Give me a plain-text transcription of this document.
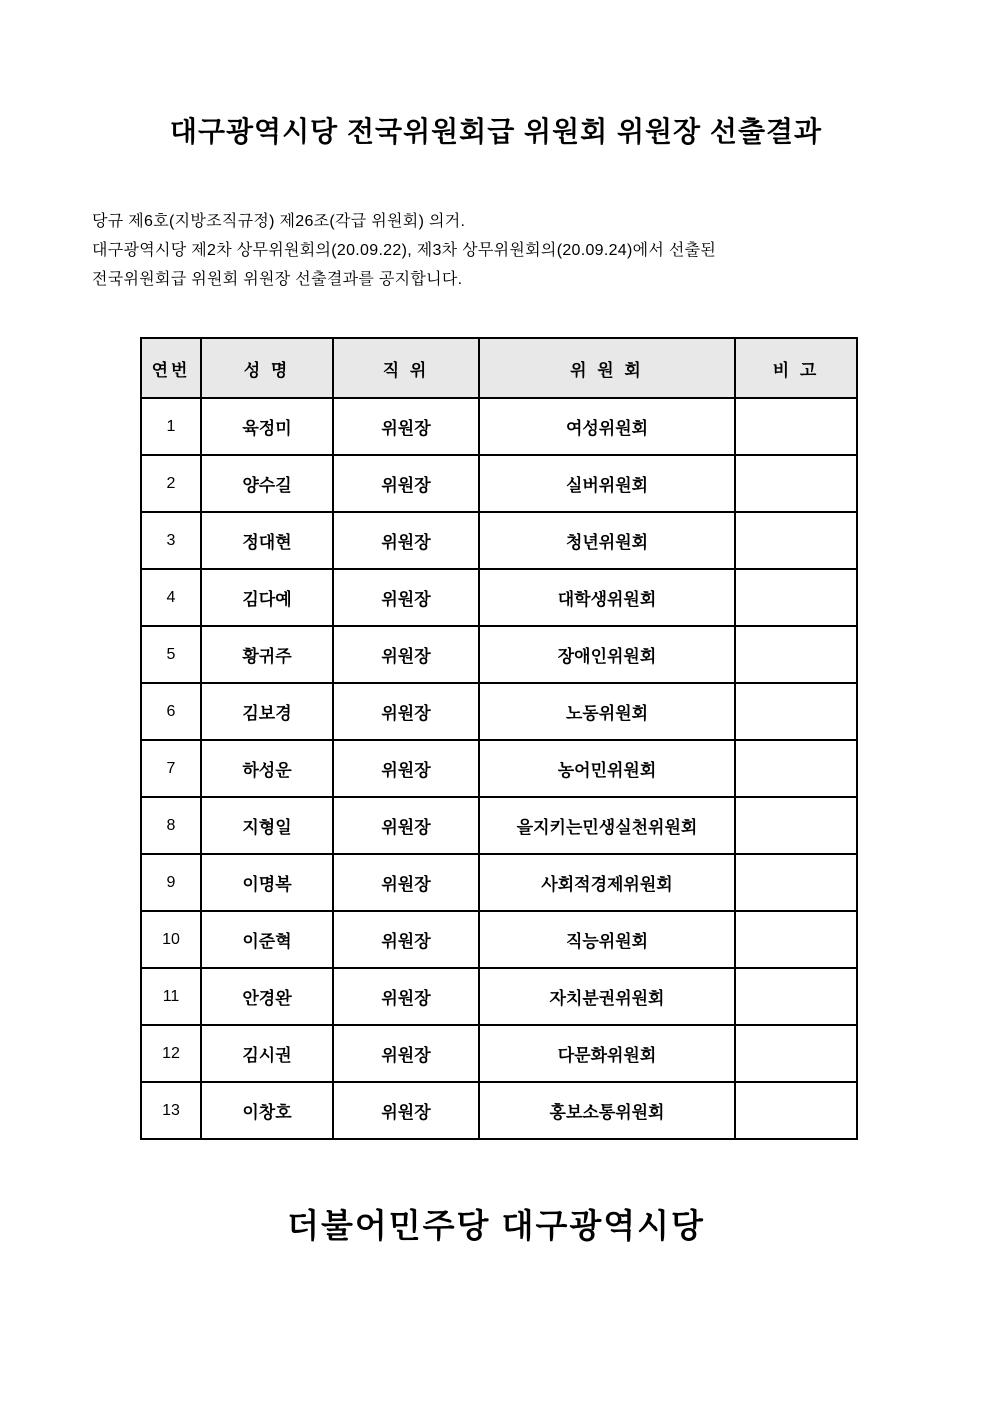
대구광역시당 전국위원회급 위원회 위원장 선출결과
당규 제6호(지방조직규정) 제26조(각급 위원회) 의거.
대구광역시당 제2차 상무위원회의(20.09.22), 제3차 상무위원회의(20.09.24)에서 선출된
전국위원회급 위원회 위원장 선출결과를 공지합니다.
연번	성 명	직 위	위 원 회	비 고
1	육정미	위원장	여성위원회	
2	양수길	위원장	실버위원회	
3	정대현	위원장	청년위원회	
4	김다예	위원장	대학생위원회	
5	황귀주	위원장	장애인위원회	
6	김보경	위원장	노동위원회	
7	하성운	위원장	농어민위원회	
8	지형일	위원장	을지키는민생실천위원회	
9	이명복	위원장	사회적경제위원회	
10	이준혁	위원장	직능위원회	
11	안경완	위원장	자치분권위원회	
12	김시권	위원장	다문화위원회	
13	이창호	위원장	홍보소통위원회	
더불어민주당 대구광역시당
